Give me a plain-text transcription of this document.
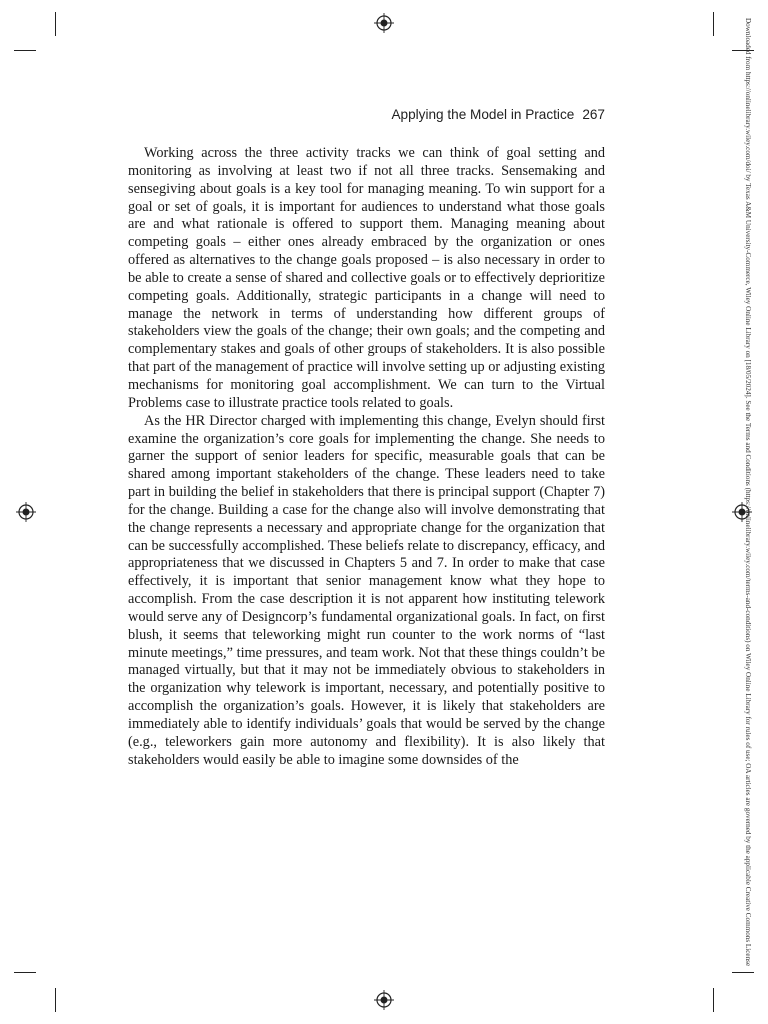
Applying the Model in Practice 267

Working across the three activity tracks we can think of goal setting and monitoring as involving at least two if not all three tracks. Sensemaking and sensegiving about goals is a key tool for managing meaning. To win support for a goal or set of goals, it is important for audiences to understand what those goals are and what rationale is offered to support them. Managing meaning about competing goals – either ones already embraced by the organization or ones offered as alternatives to the change goals proposed – is also necessary in order to be able to create a sense of shared and collective goals or to effectively deprioritize competing goals. Additionally, strategic participants in a change will need to manage the network in terms of understanding how different groups of stakeholders view the goals of the change; their own goals; and the competing and complementary stakes and goals of other groups of stakeholders. It is also possible that part of the management of practice will involve setting up or adjusting existing mechanisms for monitoring goal accomplishment. We can turn to the Virtual Problems case to illustrate practice tools related to goals.

As the HR Director charged with implementing this change, Evelyn should first examine the organization’s core goals for implementing the change. She needs to garner the support of senior leaders for specific, measurable goals that can be shared among important stakeholders of the change. These leaders need to take part in building the belief in stakeholders that there is principal support (Chapter 7) for the change. Building a case for the change also will involve demonstrating that the change represents a necessary and appropriate change for the organization that can be successfully accomplished. These beliefs relate to discrepancy, efficacy, and appropriateness that we discussed in Chapters 5 and 7. In order to make that case effectively, it is important that senior management know what they hope to accomplish. From the case description it is not apparent how instituting telework would serve any of Designcorp’s fundamental organizational goals. In fact, on first blush, it seems that teleworking might run counter to the work norms of “last minute meetings,” time pressures, and team work. Not that these things couldn’t be managed virtually, but that it may not be immediately obvious to stakeholders in the organization why telework is important, necessary, and potentially positive to accomplish the organization’s goals. However, it is likely that stakeholders are immediately able to identify individuals’ goals that would be served by the change (e.g., teleworkers gain more autonomy and flexibility). It is also likely that stakeholders would easily be able to imagine some downsides of the	Downloaded from https://onlinelibrary.wiley.com/doi/ by Texas A&M University-Commerce, Wiley Online Library on [18/05/2024]. See the Terms and Conditions (https://onlinelibrary.wiley.com/terms-and-conditions) on Wiley Online Library for rules of use; OA articles are governed by the applicable Creative Commons License
